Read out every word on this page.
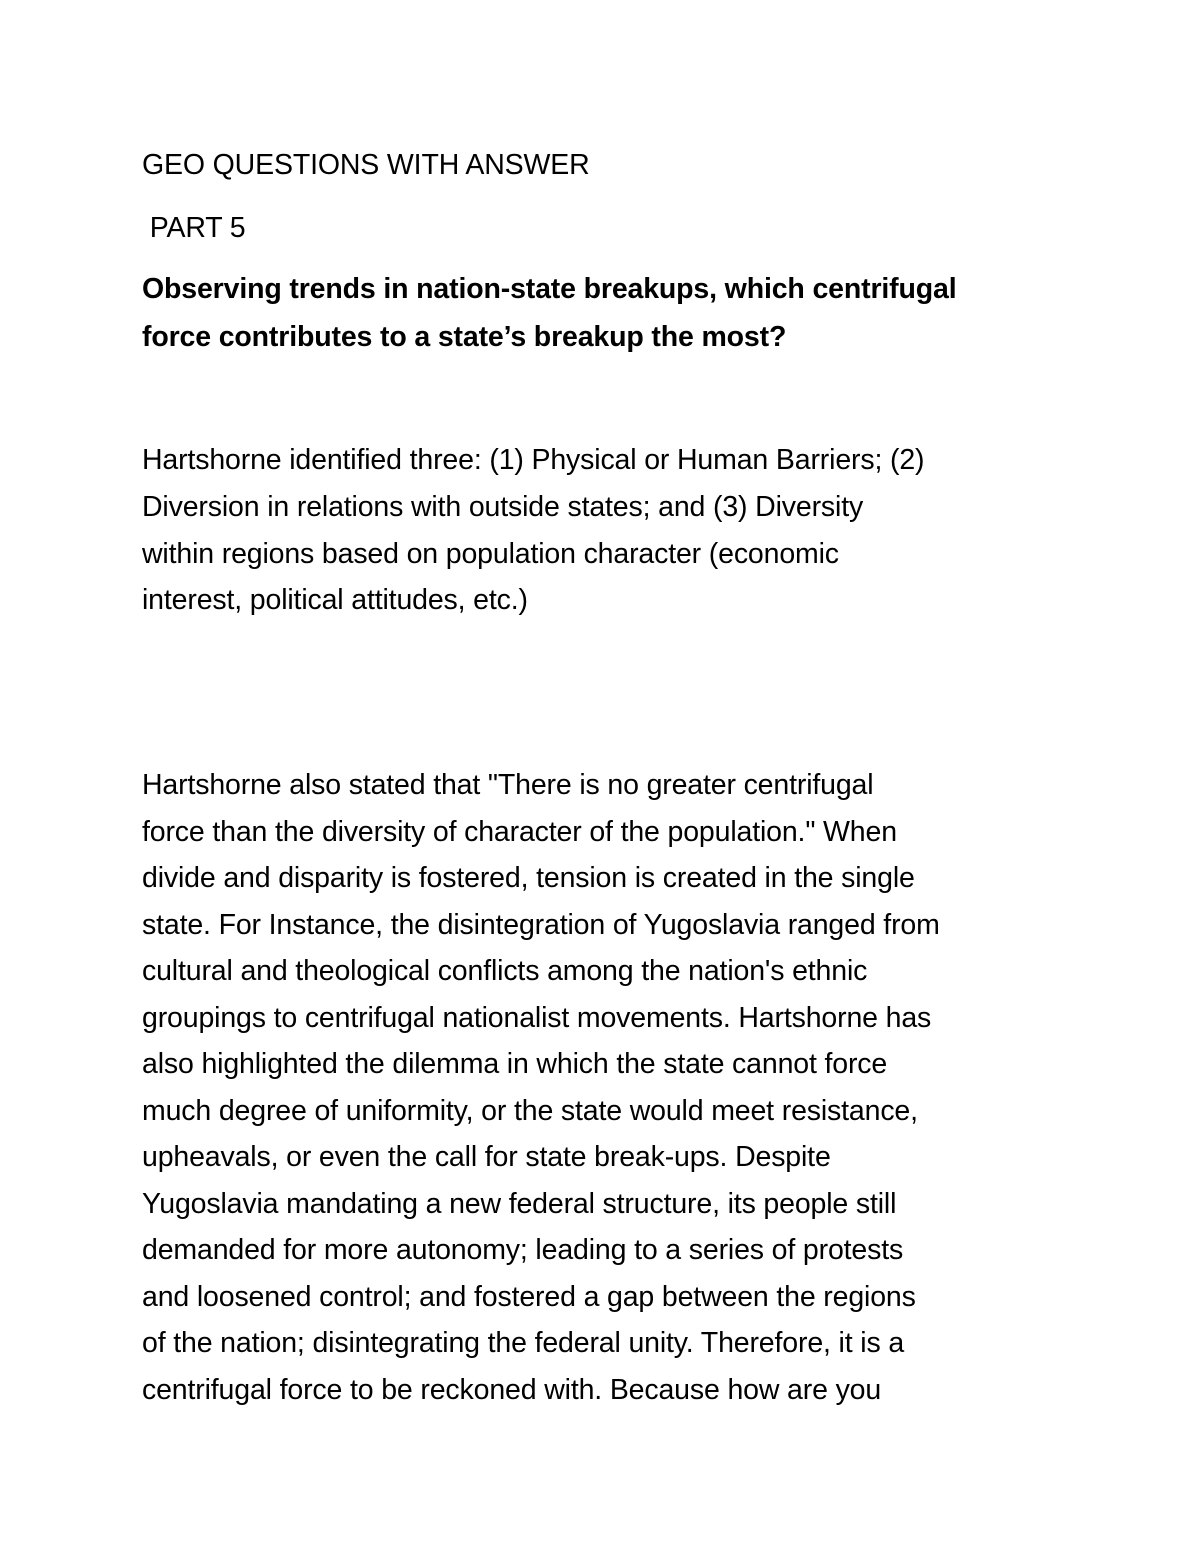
GEO QUESTIONS WITH ANSWER

PART 5

Observing trends in nation-state breakups, which centrifugal

force contributes to a state’s breakup the most?

Hartshorne identified three: (1) Physical or Human Barriers; (2)

Diversion in relations with outside states; and (3) Diversity

within regions based on population character (economic

interest, political attitudes, etc.)

Hartshorne also stated that "There is no greater centrifugal

force than the diversity of character of the population." When

divide and disparity is fostered, tension is created in the single

state. For Instance, the disintegration of Yugoslavia ranged from

cultural and theological conflicts among the nation's ethnic

groupings to centrifugal nationalist movements. Hartshorne has

also highlighted the dilemma in which the state cannot force

much degree of uniformity, or the state would meet resistance,

upheavals, or even the call for state break-ups. Despite

Yugoslavia mandating a new federal structure, its people still

demanded for more autonomy; leading to a series of protests

and loosened control; and fostered a gap between the regions

of the nation; disintegrating the federal unity. Therefore, it is a

centrifugal force to be reckoned with. Because how are you
